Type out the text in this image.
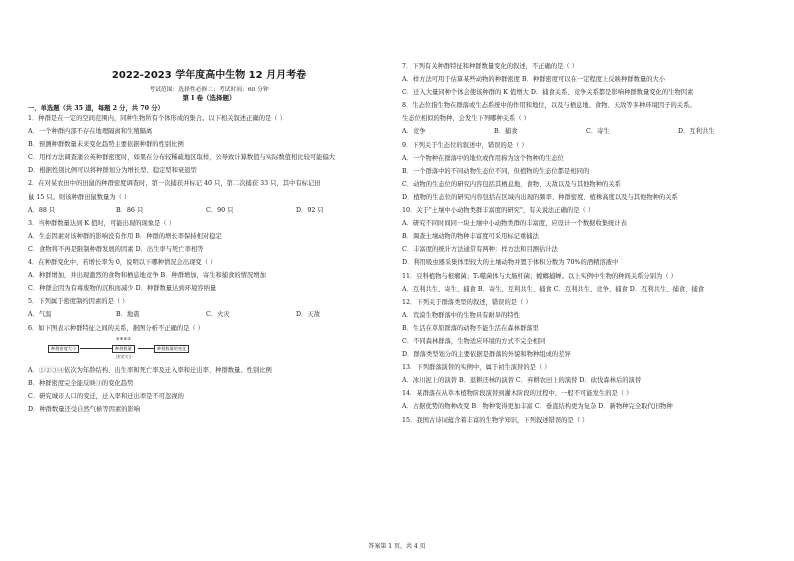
2022-2023 学年度高中生物 12 月月考卷
考试范围：选择性必修二；考试时间：60 分钟
第 I 卷（选择题）
一、单选题（共 35 道，每题 2 分，共 70 分）
1．种群是在一定的空间范围内，同种生物所有个体形成的集合。以下相关叙述正确的是（ ）
A．一个种群内部不存在地理隔离和生殖隔离
B．预测种群数量未来变化趋势主要依据种群的性别比例
C．用样方法调查蒲公英种群密度时，如果在分布较稀疏地区取样，公导致计算数值与实际数值相比较可能偏大
D．根据性别比例可以将种群划分为增长型、稳定型和衰退型
2．在对某农田中的田鼠的种群密度调查时，第一次捕获并标记 40 只，第二次捕获 33 只，其中有标记田
鼠 15 只。则该种群田鼠数量为（ ）
A．88 只	B．86 只	C．90 只	D．92 只
3．当种群数量达到 K 值时，可能出现的现象是（ ）
A．生态因素对该种群的影响没有作用 B．种群的增长率保持相对稳定
C．食物将不再是限制种群发展的因素 D．出生率与死亡率相等
4．在种群变化中，若增长率为 0，说明以下哪种情况会出现变（ ）
A．种群增加，并出现激烈的食物和栖息地竞争 B．种群增加，寄生和捕食的情况增加
C．种群会因为有毒废物的沉积而减少 D．种群数量达到环境容纳量
5．下列属于密度制约因素的是（ ）
A．气温	B．地震	C．火灾	D．天敌
6．如下图表示种群特征之间的关系，据图分析不正确的是（ ）
种群密度大小	种群数量	种群数量的变化
④④④③
决定大小
A．①②③④依次为年龄结构、出生率和死亡率及迁入率和迁出率、种群数量、性别比例
B．种群密度完全能反映③的变化趋势
C．研究城市人口的变迁，迁入率和迁出率是不可忽视的
D．种群数量还受自然气候等因素的影响
7．下列有关种群特征和种群数量变化的叙述，不正确的是（ ）
A．样方法可用于估算某些动物的种群密度 B．种群密度可以在一定程度上反映种群数量的大小
C．迁入大量同种个体会使该种群的 K 值增大 D．捕食关系、竞争关系都是影响种群数量变化的生物因素
8．生态位指生物在群落或生态系统中的作用和地位，以及与栖息地、食物、天敌等多种环境因子的关系。
生态位相似的物种，会发生下列哪种关系（ ）
A．竞争	B．捕食	C．寄生	D．互利共生
9．下列关于生态位的叙述中，错误的是（ ）
A．一个物种在群落中的地位或作用称为这个物种的生态位
B．一个群落中的不同动物生态位不同，但植物的生态位都是相同的
C．动物的生态位的研究内容包括其栖息地、食物、天敌以及与其他物种的关系
D．植物的生态位的研究内容包括在区域内出现的频率、种群密度、植株高度以及与其他物种的关系
10．关于"土壤中小动物类群丰富度的研究"，有关说法正确的是（ ）
A．研究不同时间同一块土壤中小动物类群的丰富度，应设计一个数据收集统计表
B．调查土壤动物的物种丰富度可采用标记重捕法
C．丰富度的统计方法通常有两种：样方法和目测估计法
D．利用吸虫器采集体型较大的土壤动物并置于体积分数为 70%的酒精溶液中
11．豆科植物与根瘤菌；T₂噬菌体与大肠杆菌；螳螂捕蝉。以上实例中生物的种间关系分别为（ ）
A．互利共生、寄生、捕食 B．寄生、互利共生、捕食 C．互利共生、竞争、捕食 D．互利共生、捕食、捕食
12．下列关于群落类型的叙述，错误的是（ ）
A．荒漠生物群落中的生物具有耐旱的特性
B．生活在草原群落的动物不能生活在森林群落里
C．不同森林群落，生物适应环境的方式不完全相同
D．群落类型划分的主要依据是群落的外貌和物种组成的差异
13．下列群落演替的实例中，属于初生演替的是（ ）
A．冰川泥上的演替 B．退耕还林的演替 C．弃耕农田上的演替 D．砍伐森林后的演替
14．某群落在从草本植物阶段演替到灌木阶段的过程中，一般不可能发生的是（ ）
A．占据优势的物种改变 B．物种变得更加丰富 C．垂直结构更为复杂 D．新物种完全取代旧物种
15．我国古诗词蕴含着丰富的生物学知识，下列叙述错误的是（ ）
答案第 1 页，共 4 页
